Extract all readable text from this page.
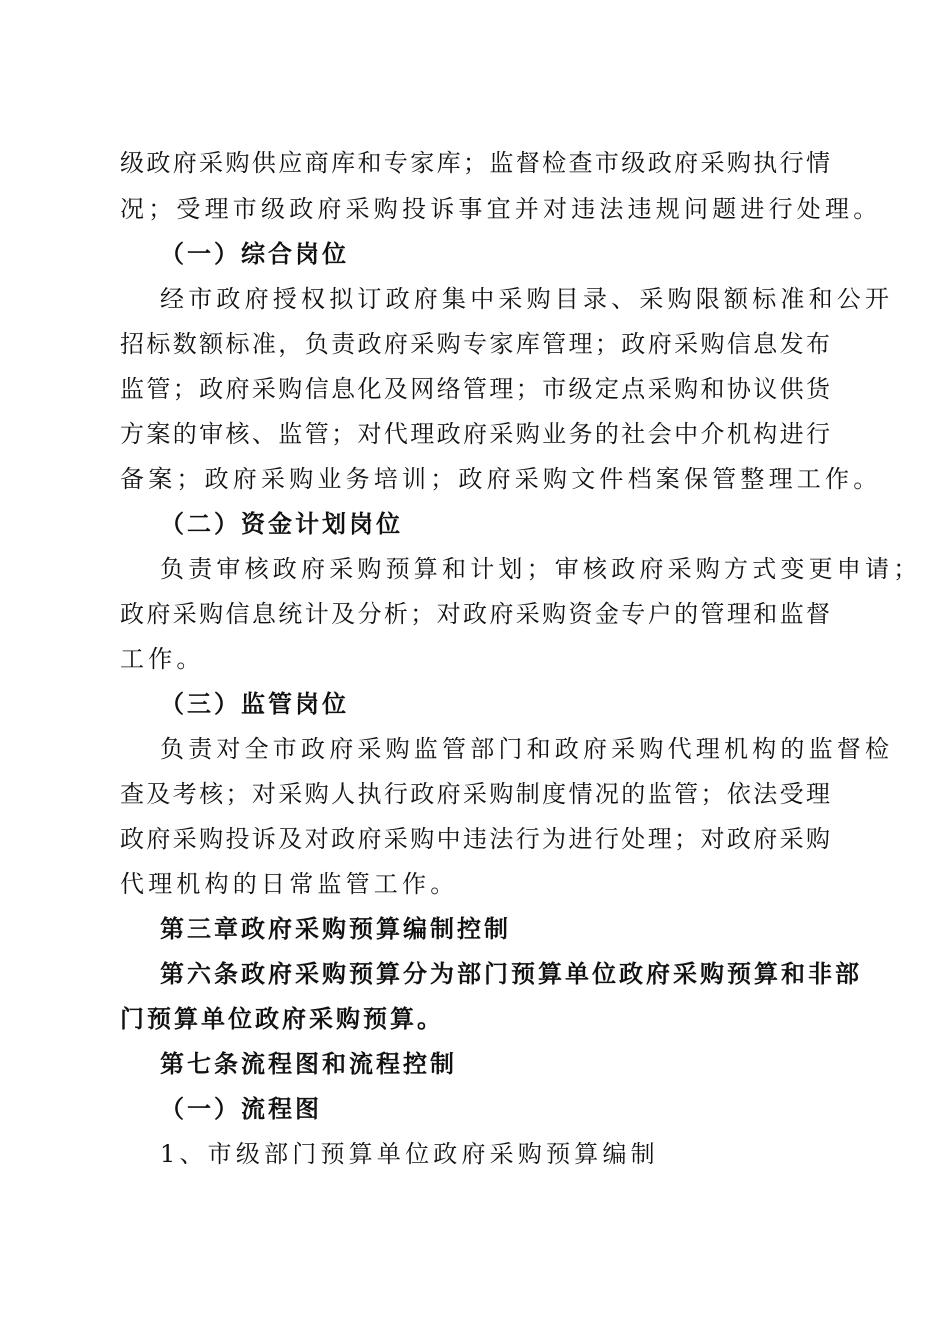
级政府采购供应商库和专家库；监督检查市级政府采购执行情
况；受理市级政府采购投诉事宜并对违法违规问题进行处理。
（一）综合岗位
经市政府授权拟订政府集中采购目录、采购限额标准和公开
招标数额标准，负责政府采购专家库管理；政府采购信息发布
监管；政府采购信息化及网络管理；市级定点采购和协议供货
方案的审核、监管；对代理政府采购业务的社会中介机构进行
备案；政府采购业务培训；政府采购文件档案保管整理工作。
（二）资金计划岗位
负责审核政府采购预算和计划；审核政府采购方式变更申请；
政府采购信息统计及分析；对政府采购资金专户的管理和监督
工作。
（三）监管岗位
负责对全市政府采购监管部门和政府采购代理机构的监督检
查及考核；对采购人执行政府采购制度情况的监管；依法受理
政府采购投诉及对政府采购中违法行为进行处理；对政府采购
代理机构的日常监管工作。
第三章政府采购预算编制控制
第六条政府采购预算分为部门预算单位政府采购预算和非部
门预算单位政府采购预算。
第七条流程图和流程控制
（一）流程图
1、市级部门预算单位政府采购预算编制
